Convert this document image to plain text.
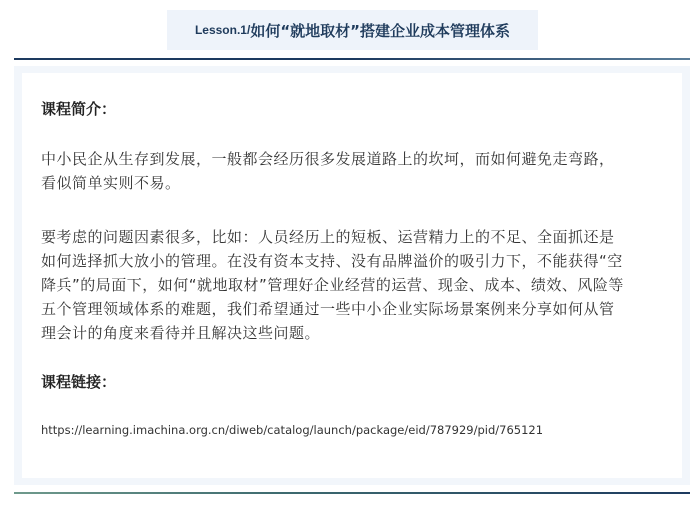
Lesson.1/ 如何“就地取材”搭建企业成本管理体系
课程简介：
中小民企从生存到发展，一般都会经历很多发展道路上的坎坷，而如何避免走弯路，
看似简单实则不易。
要考虑的问题因素很多，比如：人员经历上的短板、运营精力上的不足、全面抓还是
如何选择抓大放小的管理。在没有资本支持、没有品牌溢价的吸引力下，不能获得“空
降兵”的局面下，如何“就地取材”管理好企业经营的运营、现金、成本、绩效、风险等
五个管理领域体系的难题，我们希望通过一些中小企业实际场景案例来分享如何从管
理会计的角度来看待并且解决这些问题。
课程链接：
https://learning.imachina.org.cn/diweb/catalog/launch/package/eid/787929/pid/765121
